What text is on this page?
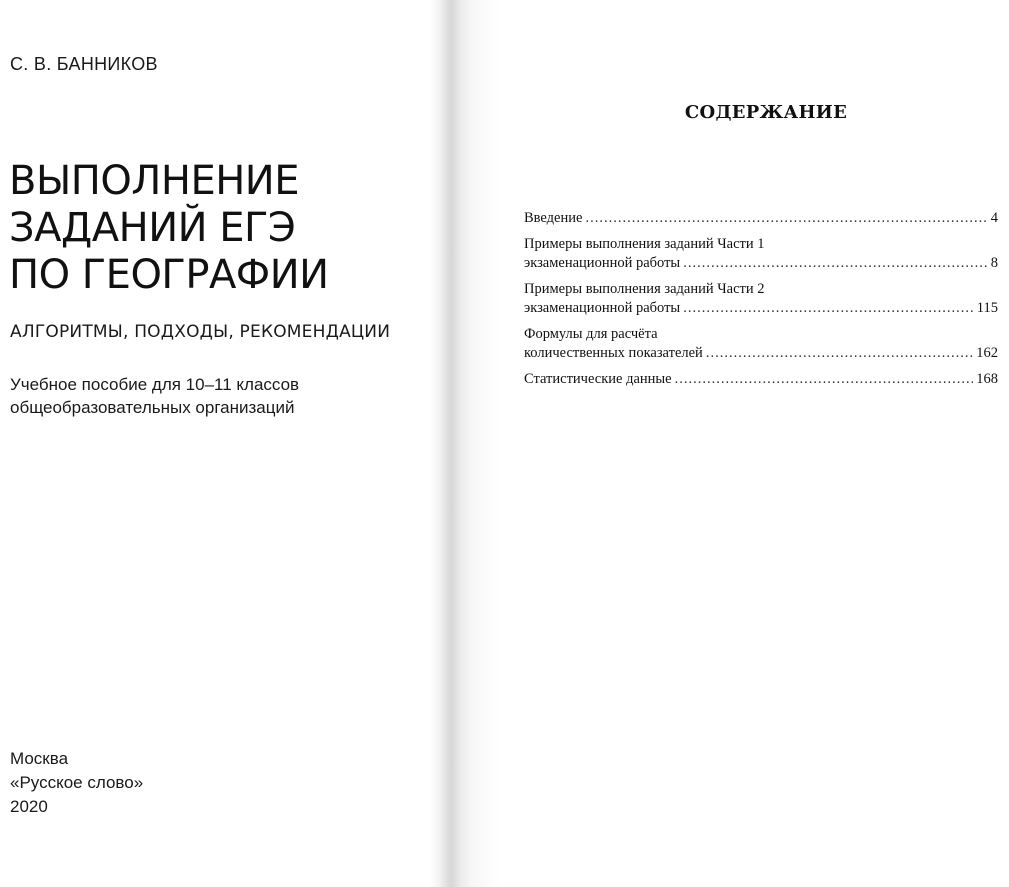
С. В. БАННИКОВ
ВЫПОЛНЕНИЕ
ЗАДАНИЙ ЕГЭ
ПО ГЕОГРАФИИ
АЛГОРИТМЫ, ПОДХОДЫ, РЕКОМЕНДАЦИИ
Учебное пособие для 10–11 классов
общеобразовательных организаций
Москва
«Русское слово»
2020
СОДЕРЖАНИЕ
Введение .....	4
Примеры выполнения заданий Части 1
экзаменационной работы .....	8
Примеры выполнения заданий Части 2
экзаменационной работы .....	115
Формулы для расчёта
количественных показателей .....	162
Статистические данные .....	168
